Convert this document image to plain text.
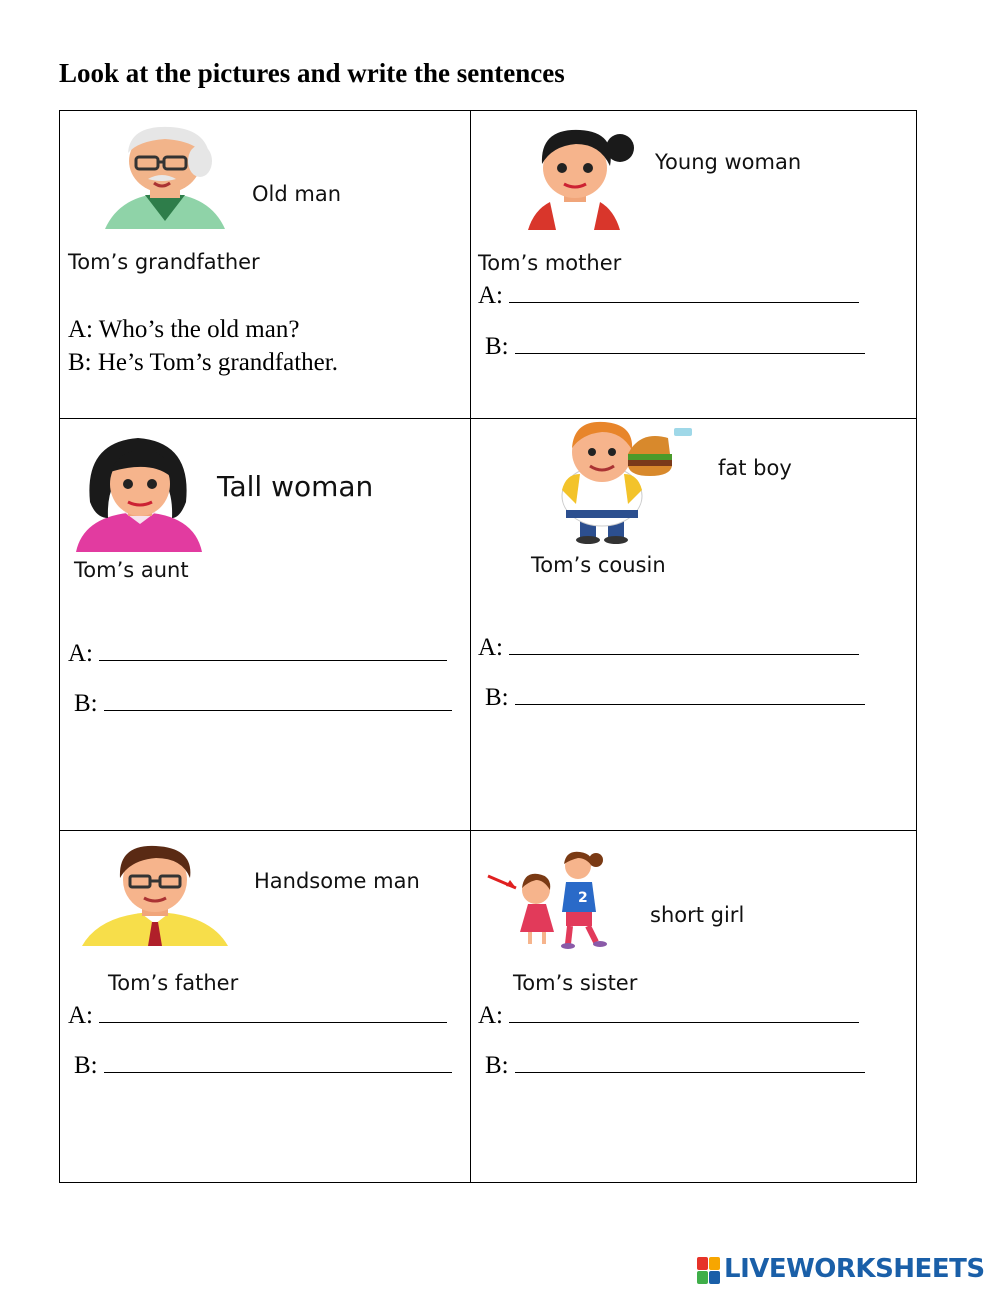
Look at the pictures and write the sentences
Old man
Tom’s grandfather
A: Who’s the old man?
B: He’s Tom’s grandfather.
Young woman
Tom’s mother
A:
B:
Tall woman
Tom’s aunt
A:
B:
fat boy
Tom’s cousin
A:
B:
Handsome man
Tom’s father
A:
B:
2
short girl
Tom’s sister
A:
B:
LIVEWORKSHEETS
